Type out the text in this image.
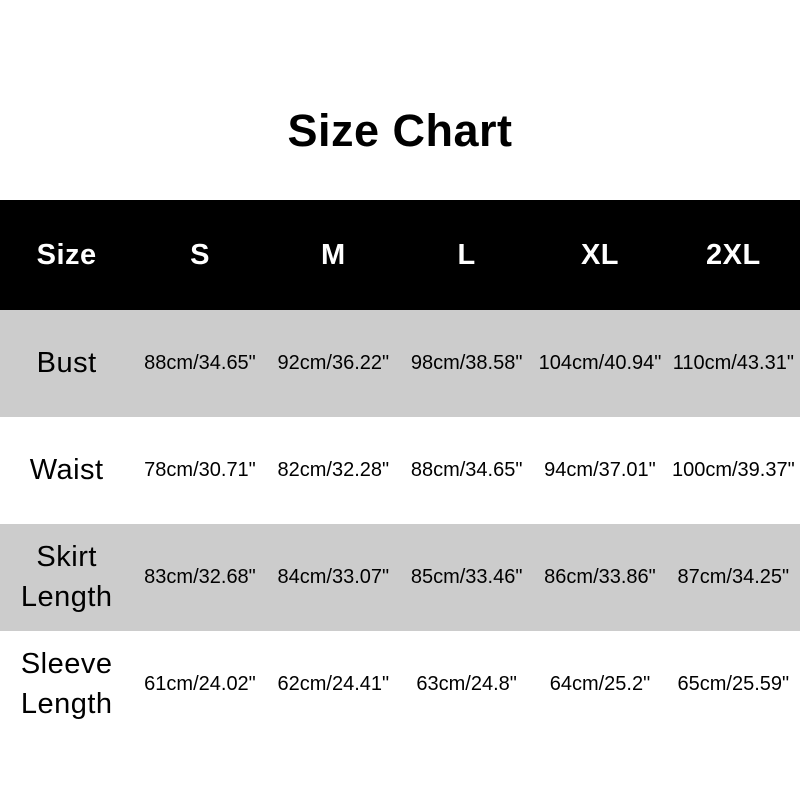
Size Chart
Size	S	M	L	XL	2XL
Bust	88cm/34.65"	92cm/36.22"	98cm/38.58"	104cm/40.94"	110cm/43.31"
Waist	78cm/30.71"	82cm/32.28"	88cm/34.65"	94cm/37.01"	100cm/39.37"
Skirt Length	83cm/32.68"	84cm/33.07"	85cm/33.46"	86cm/33.86"	87cm/34.25"
Sleeve Length	61cm/24.02"	62cm/24.41"	63cm/24.8"	64cm/25.2"	65cm/25.59"
